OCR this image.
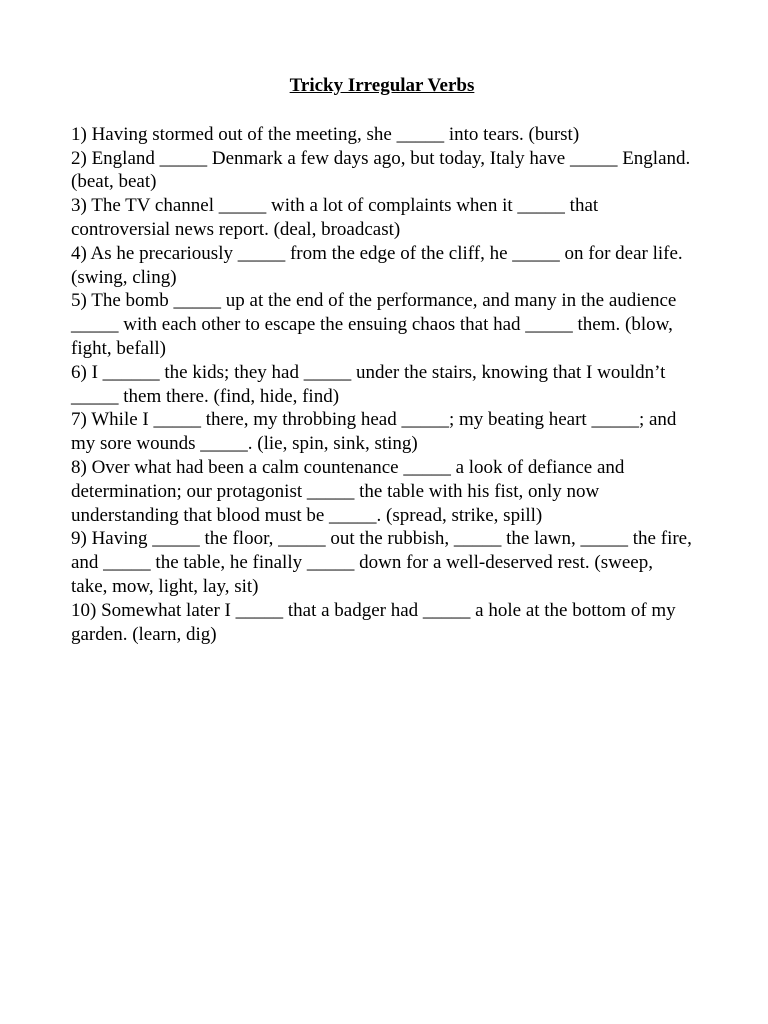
Tricky Irregular Verbs
1) Having stormed out of the meeting, she _____ into tears. (burst)
2) England _____ Denmark a few days ago, but today, Italy have _____ England. (beat, beat)
3) The TV channel _____ with a lot of complaints when it _____ that controversial news report. (deal, broadcast)
4) As he precariously _____ from the edge of the cliff, he _____ on for dear life. (swing, cling)
5) The bomb _____ up at the end of the performance, and many in the audience _____ with each other to escape the ensuing chaos that had _____ them. (blow, fight, befall)
6) I ______ the kids; they had _____ under the stairs, knowing that I wouldn’t _____ them there. (find, hide, find)
7) While I _____ there, my throbbing head _____; my beating heart _____; and my sore wounds _____. (lie, spin, sink, sting)
8) Over what had been a calm countenance _____ a look of defiance and determination; our protagonist _____ the table with his fist, only now understanding that blood must be _____. (spread, strike, spill)
9) Having _____ the floor, _____ out the rubbish, _____ the lawn, _____ the fire, and _____ the table, he finally _____ down for a well-deserved rest. (sweep, take, mow, light, lay, sit)
10) Somewhat later I _____ that a badger had _____ a hole at the bottom of my garden. (learn, dig)
